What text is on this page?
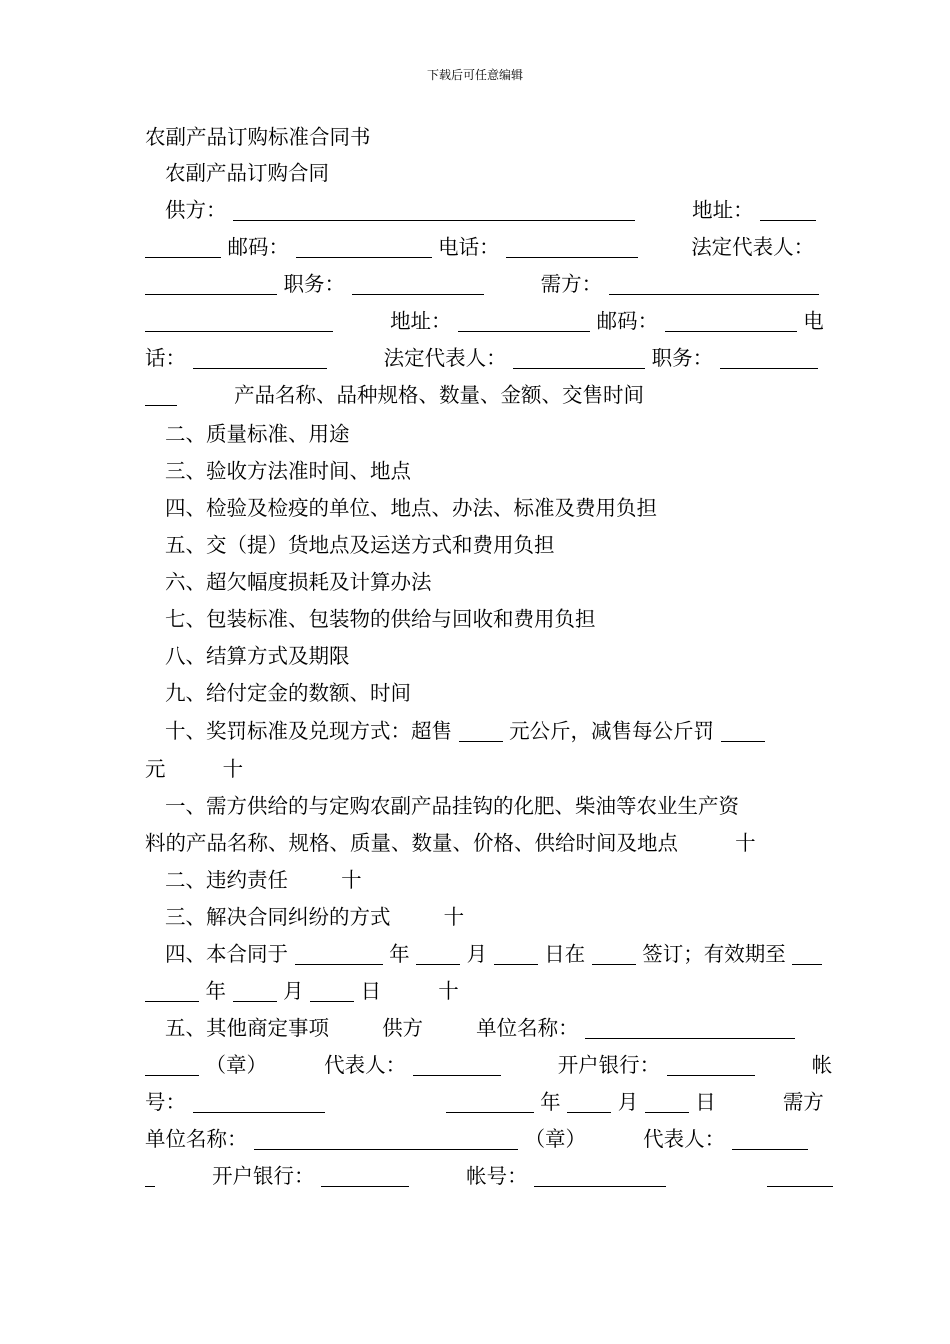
下载后可任意编辑
农副产品订购标准合同书
农副产品订购合同
供方：	地址：
邮码：	电话：	法定代表人：
职务：	需方：
地址：	邮码：	电
话：	法定代表人：	职务：
产品名称、品种规格、数量、金额、交售时间
二、质量标准、用途
三、验收方法准时间、地点
四、检验及检疫的单位、地点、办法、标准及费用负担
五、交（提）货地点及运送方式和费用负担
六、超欠幅度损耗及计算办法
七、包装标准、包装物的供给与回收和费用负担
八、结算方式及期限
九、给付定金的数额、时间
十、奖罚标准及兑现方式：超售	元公斤，减售每公斤罚
元	十
一、需方供给的与定购农副产品挂钩的化肥、柴油等农业生产资
料的产品名称、规格、质量、数量、价格、供给时间及地点	十
二、违约责任	十
三、解决合同纠纷的方式	十
四、本合同于	年	月	日在	签订；有效期至
年	月	日	十
五、其他商定事项	供方	单位名称：
（章）	代表人：	开户银行：	帐
号：	年	月	日	需方
单位名称：	（章）	代表人：
开户银行：	帐号：
